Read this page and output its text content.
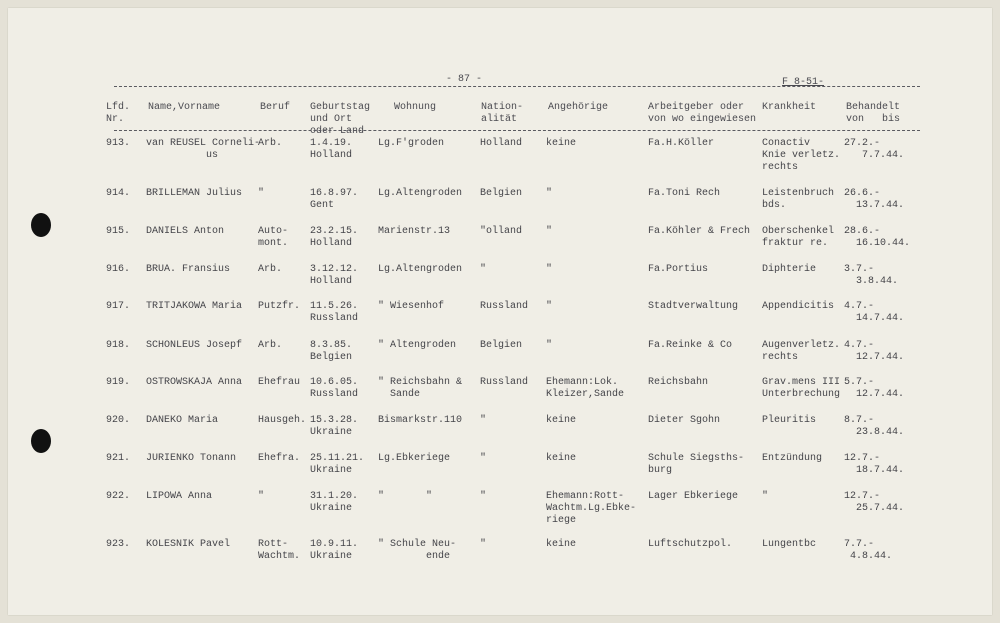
- 87 -	F 8-51-
Lfd.
Nr.
Name,Vorname	Beruf Geburtstag
und Ort
oder Land
Wohnung	Nation-
alität
Angehörige	Arbeitgeber oder
von wo eingewiesen
Krankheit	Behandelt
von   bis
913. van REUSEL Corneli-
us
Arb.	1.4.19.
Holland
Lg.F'groden	Holland keine	Fa.H.Köller	Conactiv
Knie verletz.
rechts
27.2.-
7.7.44.
914. BRILLEMAN Julius "	16.8.97.
Gent
Lg.Altengroden Belgien "	Fa.Toni Rech	Leistenbruch
bds.
26.6.-
13.7.44.
915. DANIELS Anton	Auto-
mont.
23.2.15.
Holland
Marienstr.13	"olland "	Fa.Köhler & Frech Oberschenkel
fraktur re.
28.6.-
16.10.44.
916. BRUA. Fransius	Arb.	3.12.12.
Holland
Lg.Altengroden "	"	Fa.Portius	Diphterie	3.7.-
3.8.44.
917. TRITJAKOWA Maria Putzfr. 11.5.26.
Russland
" Wiesenhof	Russland "	Stadtverwaltung Appendicitis 4.7.-
14.7.44.
918. SCHONLEUS Josepf Arb.	8.3.85.
Belgien
" Altengroden Belgien "	Fa.Reinke & Co	Augenverletz.
rechts
4.7.-
12.7.44.
919. OSTROWSKAJA Anna Ehefrau 10.6.05.
Russland
" Reichsbahn &
Sande
Russland Ehemann:Lok.
Kleizer,Sande
Reichsbahn	Grav.mens III
Unterbrechung
5.7.-
12.7.44.
920. DANEKO Maria	Hausgeh. 15.3.28.
Ukraine
Bismarkstr.110 "	keine	Dieter Sgohn	Pleuritis	8.7.-
23.8.44.
921. JURIENKO Tonann Ehefra. 25.11.21.
Ukraine
Lg.Ebkeriege	"	keine	Schule Siegsths-
burg
Entzündung 12.7.-
18.7.44.
922. LIPOWA Anna	"	31.1.20.
Ukraine
"       "	"	Ehemann:Rott-
Wachtm.Lg.Ebke-
riege
Lager Ebkeriege "	12.7.-
25.7.44.
923. KOLESNIK Pavel	Rott-
Wachtm.
10.9.11.
Ukraine
" Schule Neu-
ende
"	keine	Luftschutzpol.	Lungentbc	7.7.-
4.8.44.
